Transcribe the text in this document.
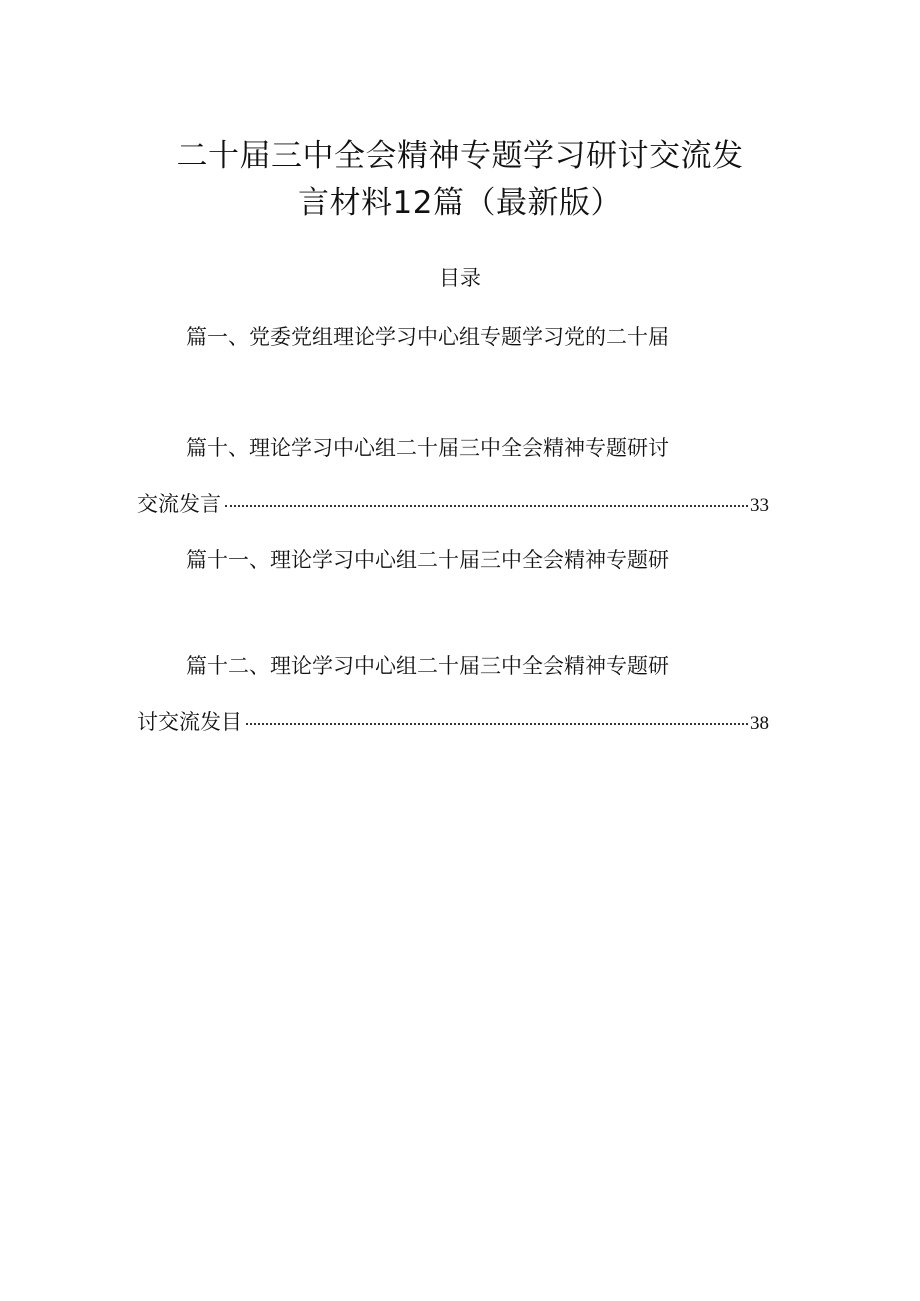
二十届三中全会精神专题学习研讨交流发
言材料12篇（最新版）
目录
篇一、党委党组理论学习中心组专题学习党的二十届
篇十、理论学习中心组二十届三中全会精神专题研讨
交流发言	33
篇十一、理论学习中心组二十届三中全会精神专题研
篇十二、理论学习中心组二十届三中全会精神专题研
讨交流发目	38
